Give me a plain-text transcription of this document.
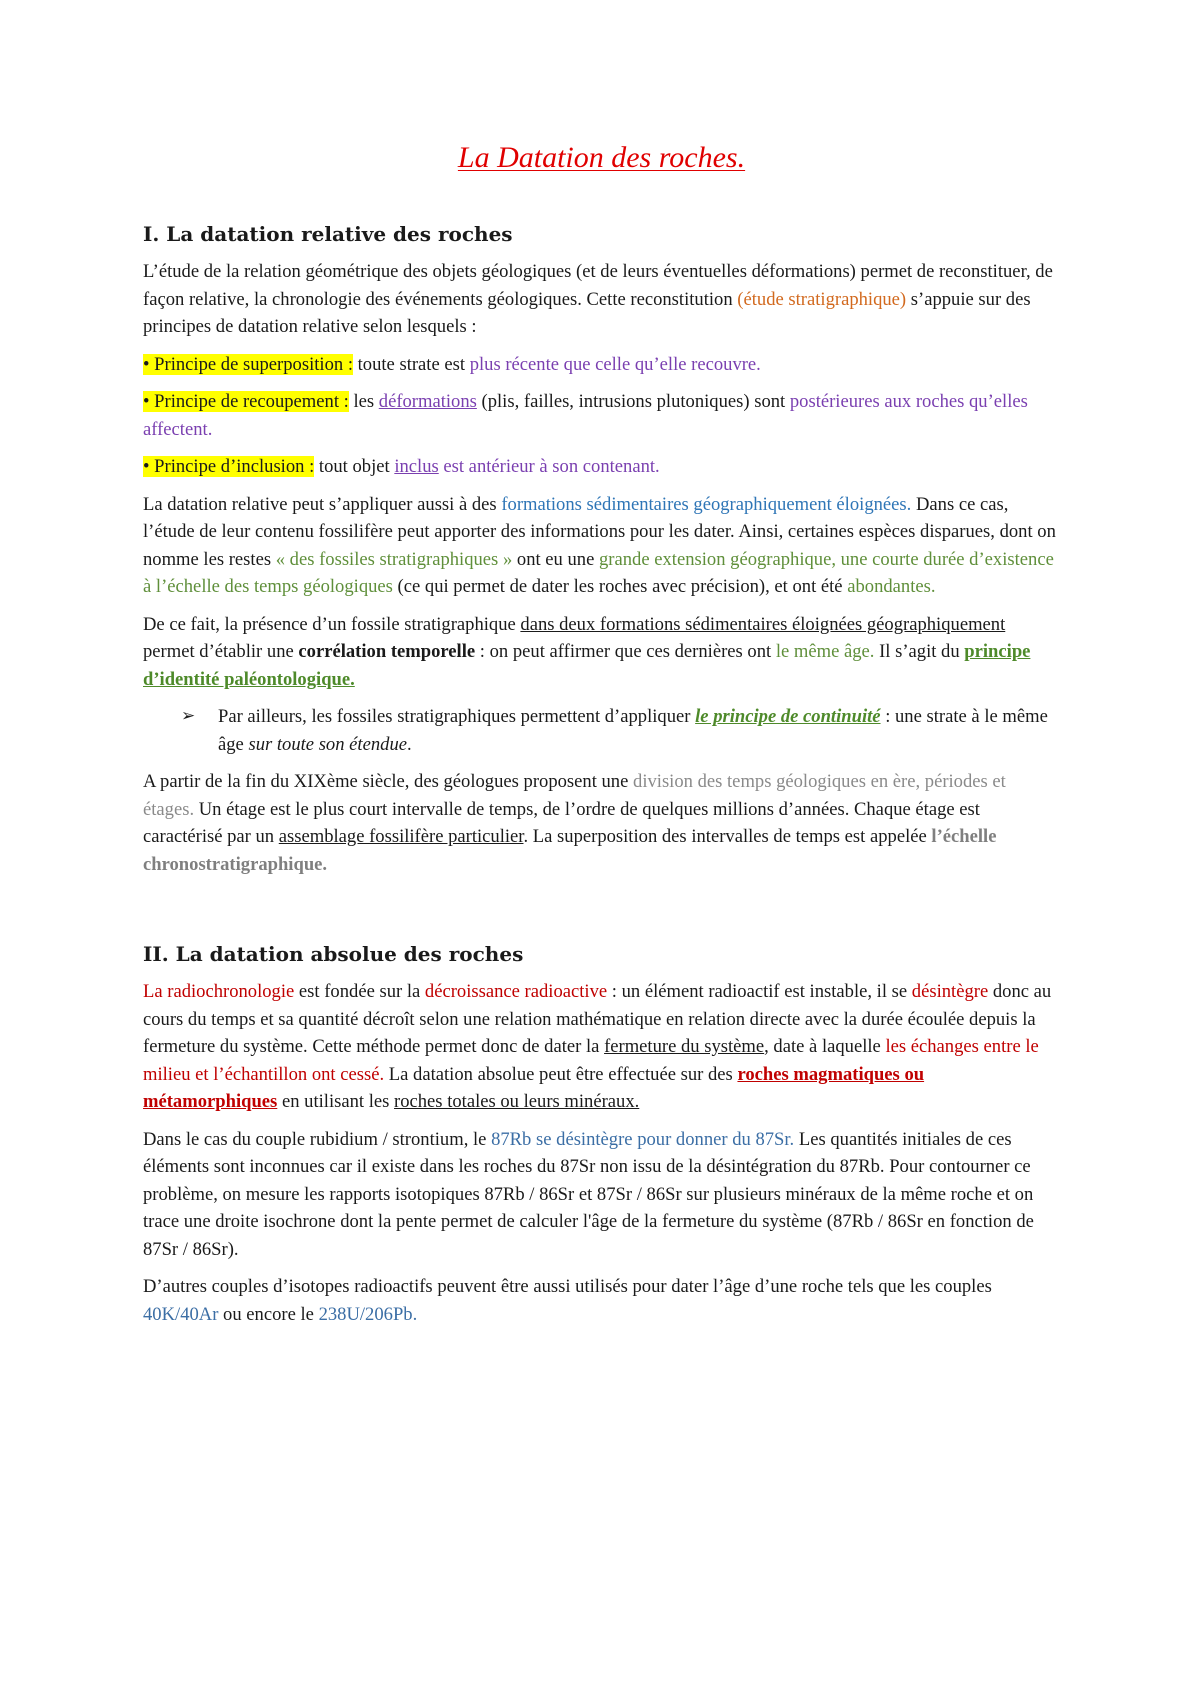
La Datation des roches.
I. La datation relative des roches

L’étude de la relation géométrique des objets géologiques (et de leurs éventuelles déformations) permet de reconstituer, de façon relative, la chronologie des événements géologiques. Cette reconstitution (étude stratigraphique) s’appuie sur des principes de datation relative selon lesquels :

• Principe de superposition : toute strate est plus récente que celle qu’elle recouvre.

• Principe de recoupement : les déformations (plis, failles, intrusions plutoniques) sont postérieures aux roches qu’elles affectent.

• Principe d’inclusion : tout objet inclus est antérieur à son contenant.

La datation relative peut s’appliquer aussi à des formations sédimentaires géographiquement éloignées. Dans ce cas, l’étude de leur contenu fossilifère peut apporter des informations pour les dater. Ainsi, certaines espèces disparues, dont on nomme les restes « des fossiles stratigraphiques » ont eu une grande extension géographique, une courte durée d’existence à l’échelle des temps géologiques (ce qui permet de dater les roches avec précision), et ont été abondantes.

De ce fait, la présence d’un fossile stratigraphique dans deux formations sédimentaires éloignées géographiquement permet d’établir une corrélation temporelle : on peut affirmer que ces dernières ont le même âge. Il s’agit du principe d’identité paléontologique.

➢ Par ailleurs, les fossiles stratigraphiques permettent d’appliquer le principe de continuité : une strate à le même âge sur toute son étendue.

A partir de la fin du XIXème siècle, des géologues proposent une division des temps géologiques en ère, périodes et étages. Un étage est le plus court intervalle de temps, de l’ordre de quelques millions d’années. Chaque étage est caractérisé par un assemblage fossilifère particulier. La superposition des intervalles de temps est appelée l’échelle chronostratigraphique.

II. La datation absolue des roches

La radiochronologie est fondée sur la décroissance radioactive : un élément radioactif est instable, il se désintègre donc au cours du temps et sa quantité décroît selon une relation mathématique en relation directe avec la durée écoulée depuis la fermeture du système. Cette méthode permet donc de dater la fermeture du système, date à laquelle les échanges entre le milieu et l’échantillon ont cessé. La datation absolue peut être effectuée sur des roches magmatiques ou métamorphiques en utilisant les roches totales ou leurs minéraux.

Dans le cas du couple rubidium / strontium, le 87Rb se désintègre pour donner du 87Sr. Les quantités initiales de ces éléments sont inconnues car il existe dans les roches du 87Sr non issu de la désintégration du 87Rb. Pour contourner ce problème, on mesure les rapports isotopiques 87Rb / 86Sr et 87Sr / 86Sr sur plusieurs minéraux de la même roche et on trace une droite isochrone dont la pente permet de calculer l'âge de la fermeture du système (87Rb / 86Sr en fonction de 87Sr / 86Sr).

D’autres couples d’isotopes radioactifs peuvent être aussi utilisés pour dater l’âge d’une roche tels que les couples 40K/40Ar ou encore le 238U/206Pb.
